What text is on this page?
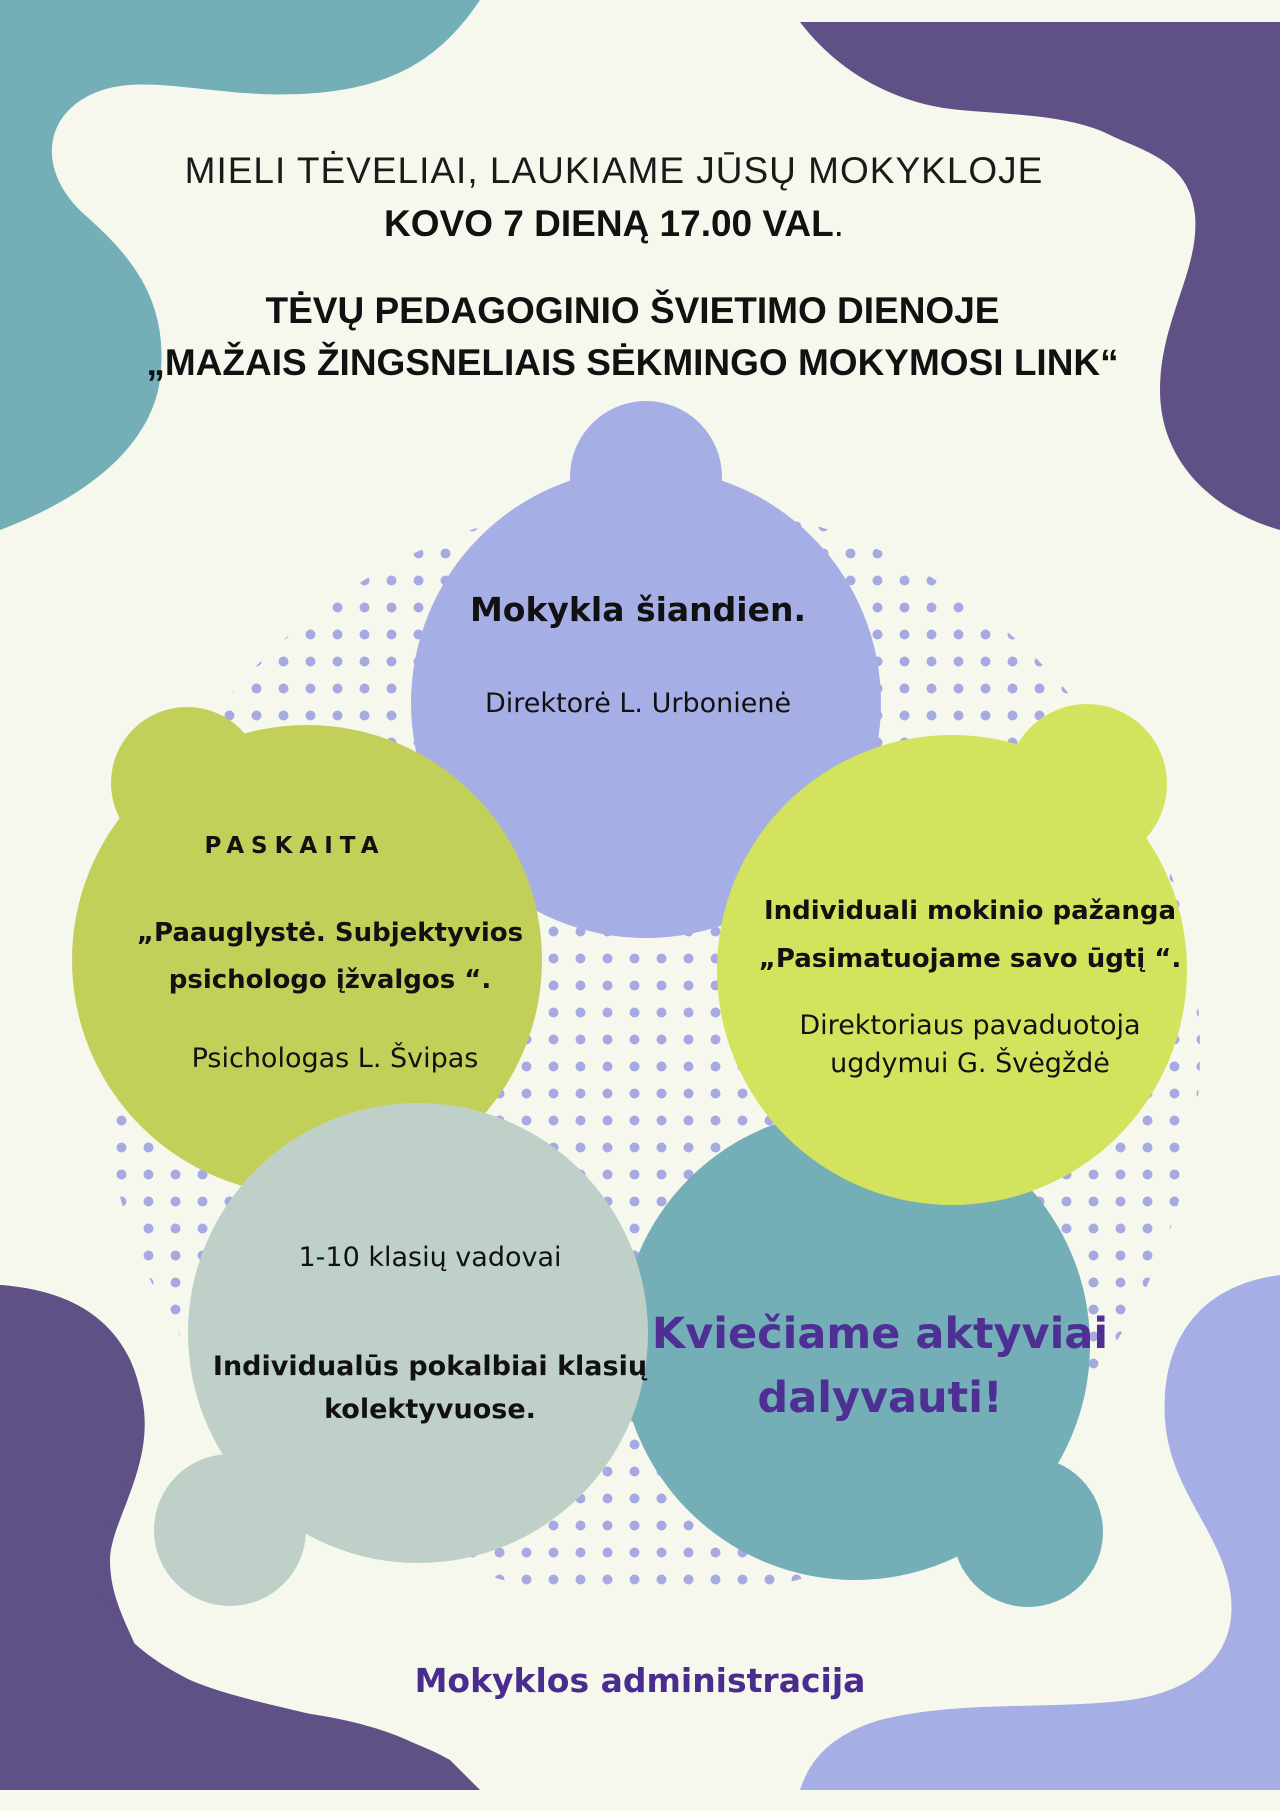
MIELI TĖVELIAI, LAUKIAME JŪSŲ MOKYKLOJE
KOVO 7 DIENĄ 17.00 VAL.
TĖVŲ PEDAGOGINIO ŠVIETIMO DIENOJE
„MAŽAIS ŽINGSNELIAIS SĖKMINGO MOKYMOSI LINK“
Mokykla šiandien.
Direktorė L. Urbonienė
PASKAITA
„Paauglystė. Subjektyvios psichologo įžvalgos “.
Psichologas L. Švipas
Individuali mokinio pažanga „Pasimatuojame savo ūgtį “.
Direktoriaus pavaduotoja ugdymui G. Švėgždė
1-10 klasių vadovai
Individualūs pokalbiai klasių kolektyvuose.
Kviečiame aktyviai dalyvauti!
Mokyklos administracija
